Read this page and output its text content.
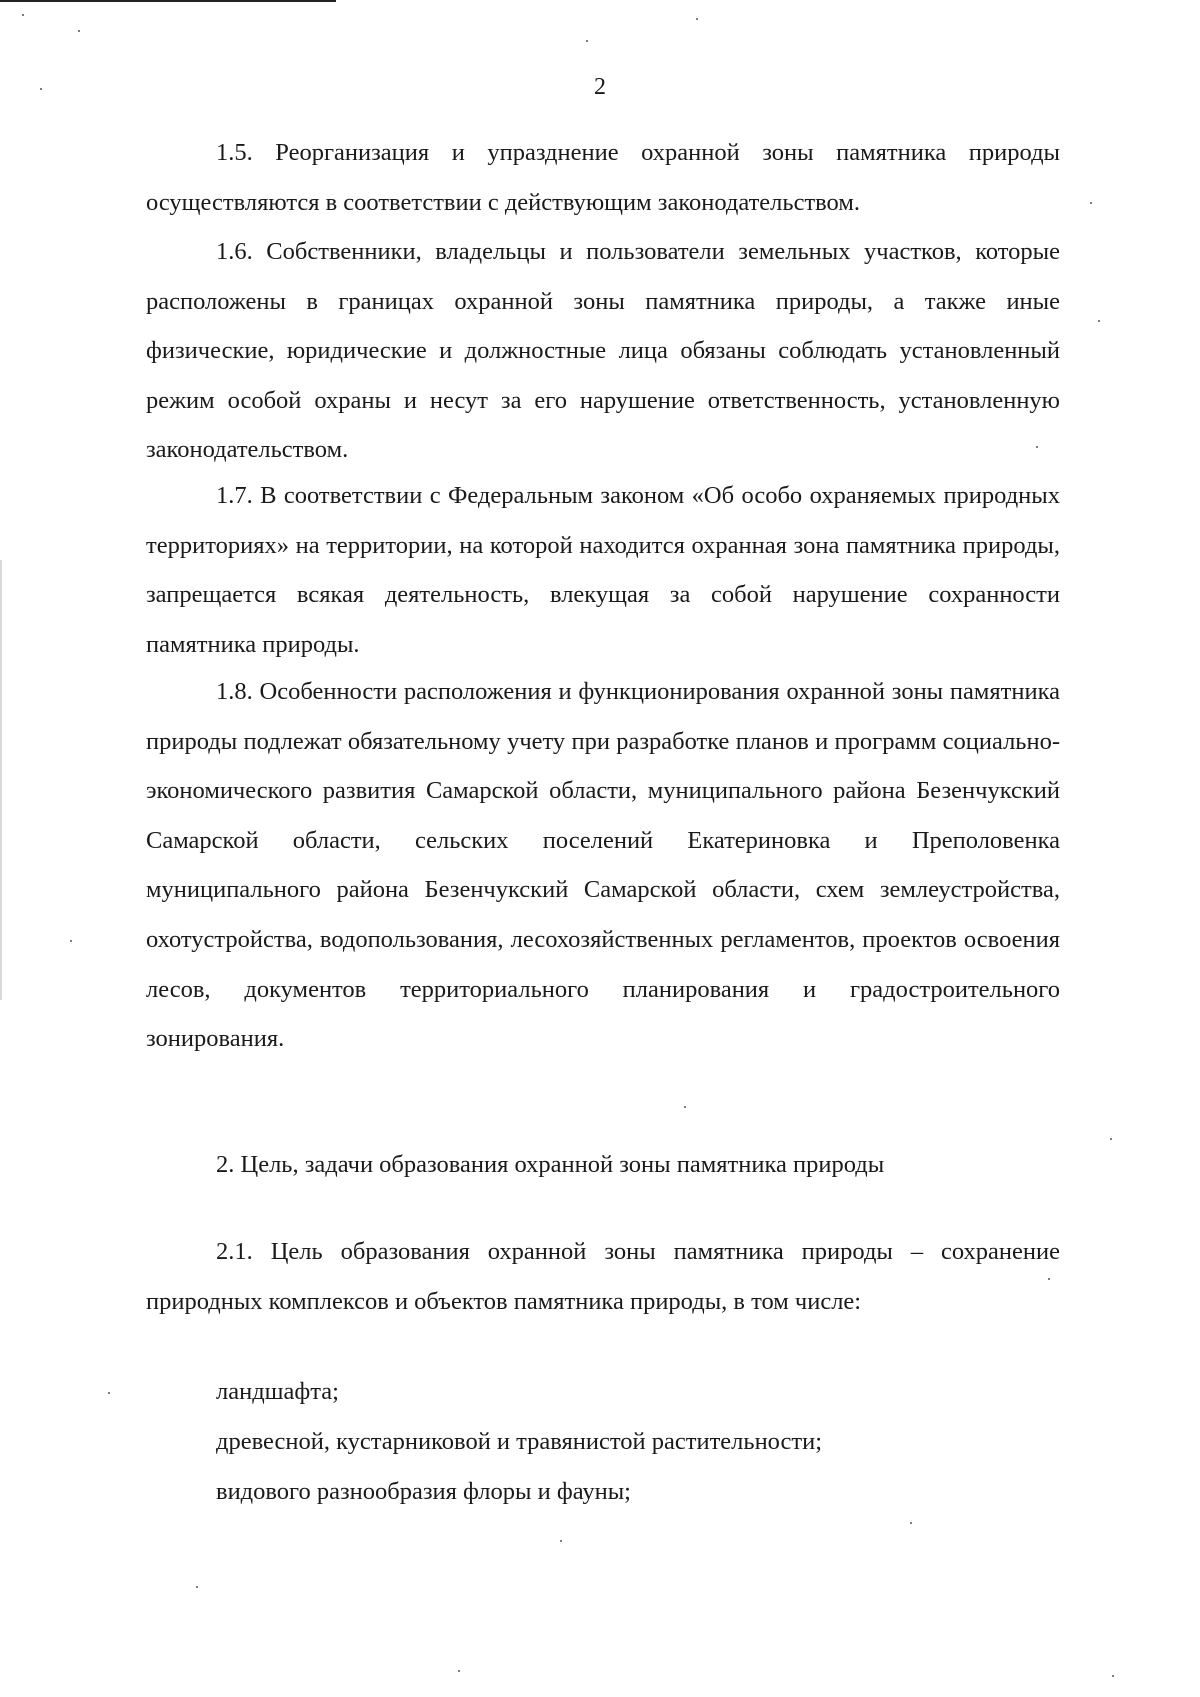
2

1.5. Реорганизация и упразднение охранной зоны памятника природы осуществляются в соответствии с действующим законодательством.

1.6. Собственники, владельцы и пользователи земельных участков, которые расположены в границах охранной зоны памятника природы, а также иные физические, юридические и должностные лица обязаны соблюдать установленный режим особой охраны и несут за его нарушение ответственность, установленную законодательством.

1.7. В соответствии с Федеральным законом «Об особо охраняемых природных территориях» на территории, на которой находится охранная зона памятника природы, запрещается всякая деятельность, влекущая за собой нарушение сохранности памятника природы.

1.8. Особенности расположения и функционирования охранной зоны памятника природы подлежат обязательному учету при разработке планов и программ социально-экономического развития Самарской области, муниципального района Безенчукский Самарской области, сельских поселений Екатериновка и Преполовенка муниципального района Безенчукский Самарской области, схем землеустройства, охотустройства, водопользования, лесохозяйственных регламентов, проектов освоения лесов, документов территориального планирования и градостроительного зонирования.

2. Цель, задачи образования охранной зоны памятника природы

2.1. Цель образования охранной зоны памятника природы – сохранение природных комплексов и объектов памятника природы, в том числе:

ландшафта;

древесной, кустарниковой и травянистой растительности;

видового разнообразия флоры и фауны;
